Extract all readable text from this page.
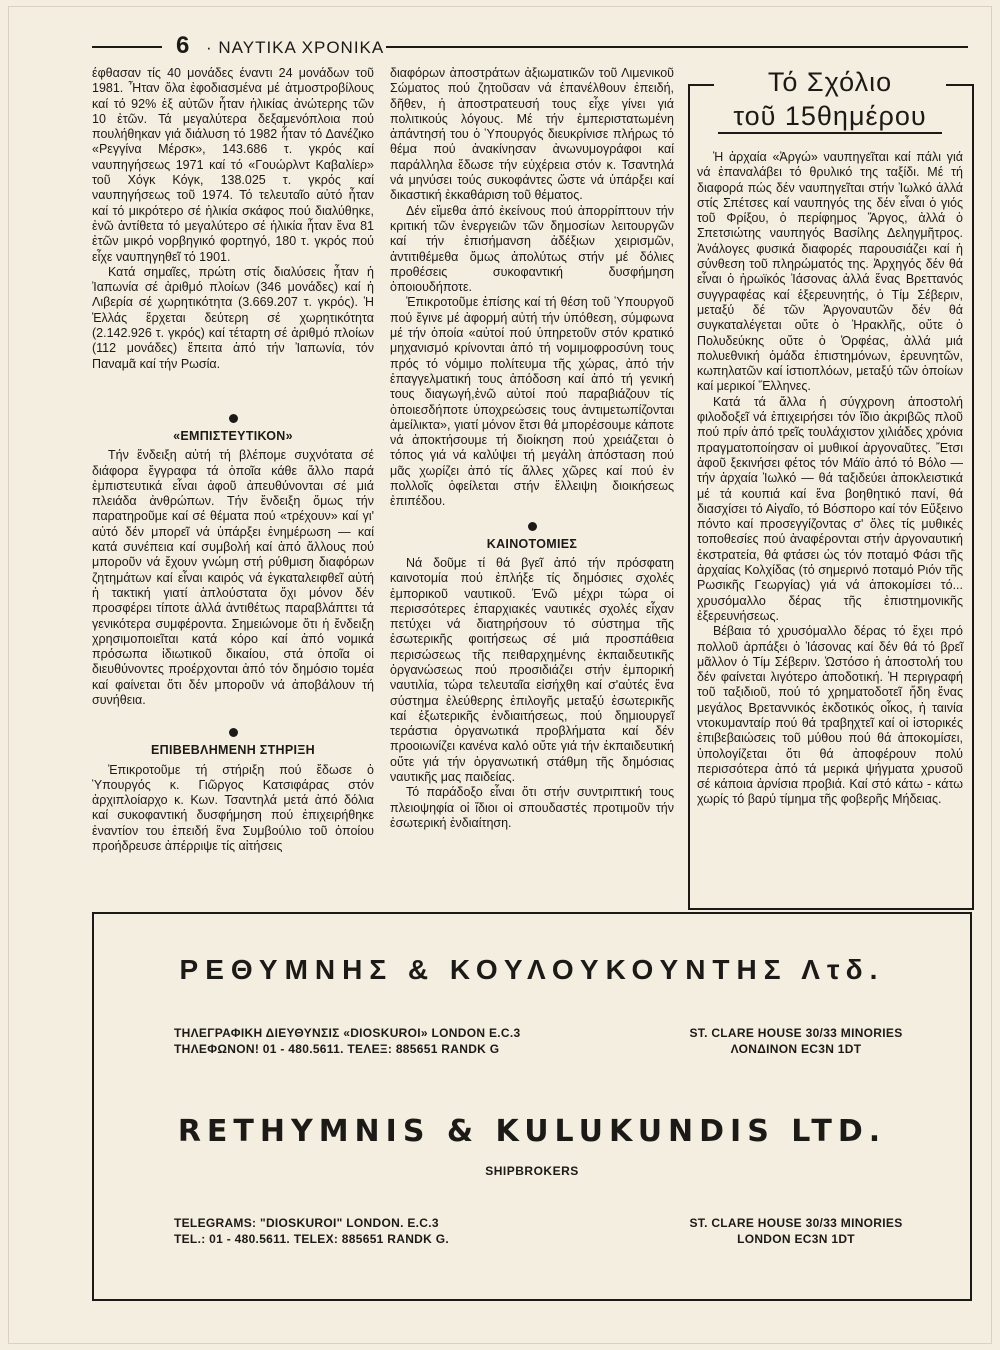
6 · ΝΑΥΤΙΚΑ ΧΡΟΝΙΚΑ

έφθασαν τίς 40 μονάδες έναντι 24 μονάδων τοῦ 1981. Ἦταν ὅλα ἐφοδιασμένα μέ ἀτμοστροβίλους καί τό 92% ἐξ αὐτῶν ἦταν ἡλικίας ἀνώτερης τῶν 10 ἐτῶν. Τά μεγαλύτερα δεξαμενόπλοια πού πουλήθηκαν γιά διάλυση τό 1982 ἦταν τό Δανέζικο «Ρεγγίνα Μέρσκ», 143.686 τ. γκρός καί ναυπηγήσεως 1971 καί τό «Γουώρλντ Καβαλίερ» τοῦ Χόγκ Κόγκ, 138.025 τ. γκρός καί ναυπηγήσεως τοῦ 1974. Τό τελευταῖο αὐτό ἦταν καί τό μικρότερο σέ ἡλικία σκάφος πού διαλύθηκε, ἐνῶ ἀντίθετα τό μεγαλύτερο σέ ἡλικία ἦταν ἕνα 81 ἐτῶν μικρό νορβηγικό φορτηγό, 180 τ. γκρός πού εἶχε ναυπηγηθεῖ τό 1901.

Κατά σημαῖες, πρώτη στίς διαλύσεις ἦταν ἡ Ἰαπωνία σέ ἀριθμό πλοίων (346 μονάδες) καί ἡ Λιβερία σέ χωρητικότητα (3.669.207 τ. γκρός). Ἡ Ἑλλάς ἔρχεται δεύτερη σέ χωρητικότητα (2.142.926 τ. γκρός) καί τέταρτη σέ ἀριθμό πλοίων (112 μονάδες) ἔπειτα ἀπό τήν Ἰαπωνία, τόν Παναμᾶ καί τήν Ρωσία.

«ΕΜΠΙΣΤΕΥΤΙΚΟΝ»

Τήν ἔνδειξη αὐτή τή βλέπομε συχνότατα σέ διάφορα ἔγγραφα τά ὁποῖα κάθε ἄλλο παρά ἐμπιστευτικά εἶναι ἀφοῦ ἀπευθύνονται σέ μιά πλειάδα ἀνθρώπων. Τήν ἔνδειξη ὅμως τήν παρατηροῦμε καί σέ θέματα πού «τρέχουν» καί γι' αὐτό δέν μπορεῖ νά ὑπάρξει ἐνημέρωση — καί κατά συνέπεια καί συμβολή καί ἀπό ἄλλους πού μποροῦν νά ἔχουν γνώμη στή ρύθμιση διαφόρων ζητημάτων καί εἶναι καιρός νά ἐγκαταλειφθεῖ αὐτή ἡ τακτική γιατί ἁπλούστατα ὄχι μόνον δέν προσφέρει τίποτε ἀλλά ἀντιθέτως παραβλάπτει τά γενικότερα συμφέροντα. Σημειώνομε ὅτι ἡ ἔνδειξη χρησιμοποιεῖται κατά κόρο καί ἀπό νομικά πρόσωπα ἰδιωτικοῦ δικαίου, στά ὁποῖα οἱ διευθύνοντες προέρχονται ἀπό τόν δημόσιο τομέα καί φαίνεται ὅτι δέν μποροῦν νά ἀποβάλουν τή συνήθεια.

ΕΠΙΒΕΒΛΗΜΕΝΗ ΣΤΗΡΙΞΗ

Ἐπικροτοῦμε τή στήριξη πού ἔδωσε ὁ Ὑπουργός κ. Γιῶργος Κατσιφάρας στόν ἀρχιπλοίαρχο κ. Κων. Τσαντηλά μετά ἀπό δόλια καί συκοφαντική δυσφήμηση πού ἐπιχειρήθηκε ἐναντίον του ἐπειδή ἕνα Συμβούλιο τοῦ ὁποίου προήδρευσε ἀπέρριψε τίς αἰτήσεις

διαφόρων ἀποστράτων ἀξιωματικῶν τοῦ Λιμενικοῦ Σώματος πού ζητοῦσαν νά ἐπανέλθουν ἐπειδή, δῆθεν, ἡ ἀποστρατευσή τους εἶχε γίνει γιά πολιτικούς λόγους. Μέ τήν ἐμπεριστατωμένη ἀπάντησή του ὁ Ὑπουργός διευκρίνισε πλήρως τό θέμα πού ἀνακίνησαν ἀνωνυμογράφοι καί παράλληλα ἔδωσε τήν εὐχέρεια στόν κ. Τσαντηλά νά μηνύσει τούς συκοφάντες ὥστε νά ὑπάρξει καί δικαστική ἐκκαθάριση τοῦ θέματος.

Δέν εἴμεθα ἀπό ἐκείνους πού ἀπορρίπτουν τήν κριτική τῶν ἐνεργειῶν τῶν δημοσίων λειτουργῶν καί τήν ἐπισήμανση ἀδέξιων χειρισμῶν, ἀντιτιθέμεθα ὅμως ἀπολύτως στήν μέ δόλιες προθέσεις συκοφαντική δυσφήμηση ὁποιουδήποτε.

Ἐπικροτοῦμε ἐπίσης καί τή θέση τοῦ Ὑπουργοῦ πού ἔγινε μέ ἀφορμή αὐτή τήν ὑπόθεση, σύμφωνα μέ τήν ὁποία «αὐτοί πού ὑπηρετοῦν στόν κρατικό μηχανισμό κρίνονται ἀπό τή νομιμοφροσύνη τους πρός τό νόμιμο πολίτευμα τῆς χώρας, ἀπό τήν ἐπαγγελματική τους ἀπόδοση καί ἀπό τή γενική τους διαγωγή,ἐνῶ αὐτοί πού παραβιάζουν τίς ὁποιεσδήποτε ὑποχρεώσεις τους ἀντιμετωπίζονται ἀμείλικτα», γιατί μόνον ἔτσι θά μπορέσουμε κάποτε νά ἀποκτήσουμε τή διοίκηση πού χρειάζεται ὁ τόπος γιά νά καλύψει τή μεγάλη ἀπόσταση πού μᾶς χωρίζει ἀπό τίς ἄλλες χῶρες καί πού ἐν πολλοῖς ὀφείλεται στήν ἔλλειψη διοικήσεως ἐπιπέδου.

ΚΑΙΝΟΤΟΜΙΕΣ

Νά δοῦμε τί θά βγεῖ ἀπό τήν πρόσφατη καινοτομία πού ἐπλήξε τίς δημόσιες σχολές ἐμπορικοῦ ναυτικοῦ. Ἐνῶ μέχρι τώρα οἱ περισσότερες ἐπαρχιακές ναυτικές σχολές εἶχαν πετύχει νά διατηρήσουν τό σύστημα τῆς ἐσωτερικῆς φοιτήσεως σέ μιά προσπάθεια περισώσεως τῆς πειθαρχημένης ἐκπαιδευτικῆς ὀργανώσεως πού προσιδιάζει στήν ἐμπορική ναυτιλία, τώρα τελευταῖα εἰσήχθη καί σ'αὐτές ἕνα σύστημα ἐλεύθερης ἐπιλογῆς μεταξύ ἐσωτερικῆς καί ἐξωτερικῆς ἐνδιαιτήσεως, πού δημιουργεῖ τεράστια ὀργανωτικά προβλήματα καί δέν προοιωνίζει κανένα καλό οὔτε γιά τήν ἐκπαιδευτική οὔτε γιά τήν ὀργανωτική στάθμη τῆς δημόσιας ναυτικῆς μας παιδείας.

Τό παράδοξο εἶναι ὅτι στήν συντριπτική τους πλειοψηφία οἱ ἴδιοι οἱ σπουδαστές προτιμοῦν τήν ἐσωτερική ἐνδιαίτηση.

Τό Σχόλιο
τοῦ 15θημέρου

Ἡ ἀρχαία «Ἀργώ» ναυπηγεῖται καί πάλι γιά νά ἐπαναλάβει τό θρυλικό της ταξίδι. Μέ τή διαφορά πώς δέν ναυπηγεῖται στήν Ἰωλκό ἀλλά στίς Σπέτσες καί ναυπηγός της δέν εἶναι ὁ γιός τοῦ Φρίξου, ὁ περίφημος Ἄργος, ἀλλά ὁ Σπετσιώτης ναυπηγός Βασίλης Δεληγμῆτρος. Ἀνάλογες φυσικά διαφορές παρουσιάζει καί ἡ σύνθεση τοῦ πληρώματός της. Ἀρχηγός δέν θά εἶναι ὁ ἡρωϊκός Ἰάσονας ἀλλά ἕνας Βρεττανός συγγραφέας καί ἐξερευνητής, ὁ Τίμ Σέβεριν, μεταξύ δέ τῶν Ἀργοναυτῶν δέν θά συγκαταλέγεται οὔτε ὁ Ἡρακλῆς, οὔτε ὁ Πολυδεύκης οὔτε ὁ Ὀρφέας, ἀλλά μιά πολυεθνική ὁμάδα ἐπιστημόνων, ἐρευνητῶν, κωπηλατῶν καί ἱστιοπλόων, μεταξύ τῶν ὁποίων καί μερικοί Ἕλληνες.

Κατά τά ἄλλα ἡ σύγχρονη ἀποστολή φιλοδοξεῖ νά ἐπιχειρήσει τόν ἴδιο ἀκριβῶς πλοῦ πού πρίν ἀπό τρεῖς τουλάχιστον χιλιάδες χρόνια πραγματοποίησαν οἱ μυθικοί ἀργοναῦτες. Ἔτσι ἀφοῦ ξεκινήσει φέτος τόν Μάϊο ἀπό τό Βόλο — τήν ἀρχαία Ἰωλκό — θά ταξιδεύει ἀποκλειστικά μέ τά κουπιά καί ἕνα βοηθητικό πανί, θά διασχίσει τό Αἰγαῖο, τό Βόσπορο καί τόν Εὔξεινο πόντο καί προσεγγίζοντας σ' ὅλες τίς μυθικές τοποθεσίες πού ἀναφέρονται στήν ἀργοναυτική ἐκστρατεία, θά φτάσει ὡς τόν ποταμό Φάσι τῆς ἀρχαίας Κολχίδας (τό σημερινό ποταμό Ριόν τῆς Ρωσικῆς Γεωργίας) γιά νά ἀποκομίσει τό... χρυσόμαλλο δέρας τῆς ἐπιστημονικῆς ἐξερευνήσεως.

Βέβαια τό χρυσόμαλλο δέρας τό ἔχει πρό πολλοῦ ἁρπάξει ὁ Ἰάσονας καί δέν θά τό βρεῖ μᾶλλον ὁ Τίμ Σέβεριν. Ὡστόσο ἡ ἀποστολή του δέν φαίνεται λιγότερο ἀποδοτική. Ἡ περιγραφή τοῦ ταξιδιοῦ, πού τό χρηματοδοτεῖ ἤδη ἕνας μεγάλος Βρεταννικός ἐκδοτικός οἶκος, ἡ ταινία ντοκυμανταίρ πού θά τραβηχτεῖ καί οἱ ἱστορικές ἐπιβεβαιώσεις τοῦ μύθου πού θά ἀποκομίσει, ὑπολογίζεται ὅτι θά ἀποφέρουν πολύ περισσότερα ἀπό τά μερικά ψήγματα χρυσοῦ σέ κάποια ἀρνίσια προβιά. Καί στό κάτω - κάτω χωρίς τό βαρύ τίμημα τῆς φοβερῆς Μήδειας.

ΡΕΘΥΜΝΗΣ & ΚΟΥΛΟΥΚΟΥΝΤΗΣ Λτδ.
ΤΗΛΕΓΡΑΦΙΚΗ ΔΙΕΥΘΥΝΣΙΣ «DIOSKUROI» LONDON E.C.3
ΤΗΛΕΦΩΝΟΝ! 01 - 480.5611. ΤΕΛΕΞ: 885651 RANDK G
ST. CLARE HOUSE 30/33 MINORIES
ΛΟΝΔΙΝΟΝ EC3N 1DT
RETHYMNIS & KULUKUNDIS LTD.
SHIPBROKERS
TELEGRAMS: "DIOSKUROI" LONDON. E.C.3
TEL.: 01 - 480.5611. TELEX: 885651 RANDK G.
ST. CLARE HOUSE 30/33 MINORIES
LONDON EC3N 1DT
